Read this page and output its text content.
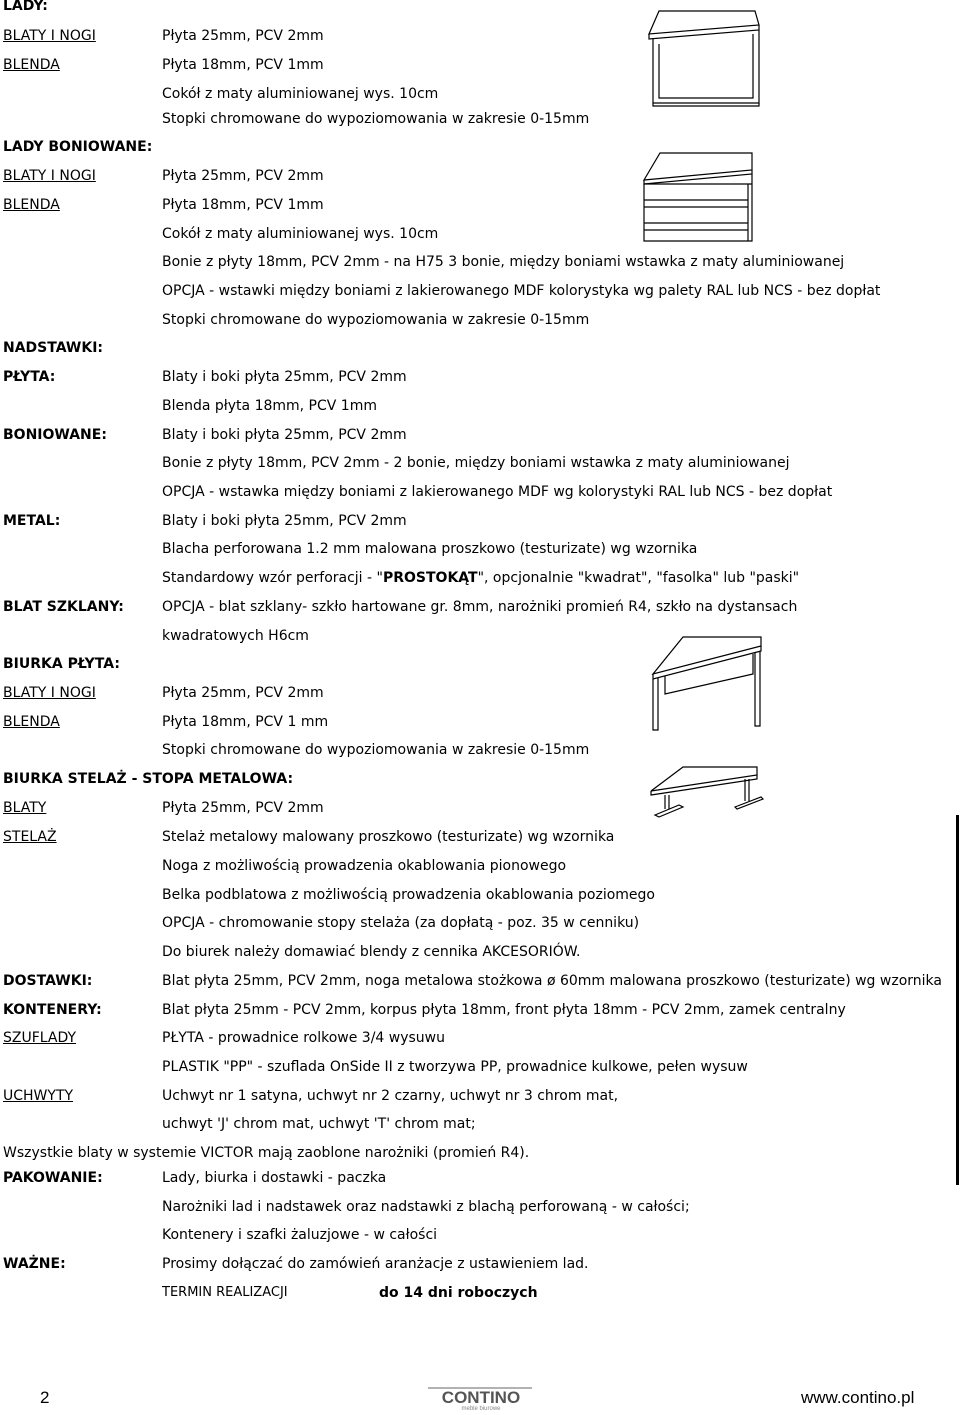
LADY:
BLATY I NOGI	Płyta 25mm, PCV 2mm
BLENDA	Płyta 18mm, PCV 1mm
Cokół z maty aluminiowanej wys. 10cm
Stopki chromowane do wypoziomowania w zakresie 0-15mm
LADY BONIOWANE:
BLATY I NOGI	Płyta 25mm, PCV 2mm
BLENDA	Płyta 18mm, PCV 1mm
Cokół z maty aluminiowanej wys. 10cm
Bonie z płyty 18mm, PCV 2mm - na H75 3 bonie, między boniami wstawka z maty aluminiowanej
OPCJA - wstawki między boniami z lakierowanego MDF kolorystyka wg palety RAL lub NCS - bez dopłat
Stopki chromowane do wypoziomowania w zakresie 0-15mm
NADSTAWKI:
PŁYTA:	Blaty i boki płyta 25mm, PCV 2mm
Blenda płyta 18mm, PCV 1mm
BONIOWANE:	Blaty i boki płyta 25mm, PCV 2mm
Bonie z płyty 18mm, PCV 2mm - 2 bonie, między boniami wstawka z maty aluminiowanej
OPCJA - wstawka między boniami z lakierowanego MDF wg kolorystyki RAL lub NCS - bez dopłat
METAL:	Blaty i boki płyta 25mm, PCV 2mm
Blacha perforowana 1.2 mm malowana proszkowo (testurizate) wg wzornika
Standardowy wzór perforacji - "PROSTOKĄT", opcjonalnie "kwadrat", "fasolka" lub "paski"
BLAT SZKLANY:	OPCJA - blat szklany- szkło hartowane gr. 8mm, narożniki promień R4, szkło na dystansach
kwadratowych H6cm
BIURKA PŁYTA:
BLATY I NOGI	Płyta 25mm, PCV 2mm
BLENDA	Płyta 18mm, PCV 1 mm
Stopki chromowane do wypoziomowania w zakresie 0-15mm
BIURKA STELAŻ - STOPA METALOWA:
BLATY	Płyta 25mm, PCV 2mm
STELAŻ	Stelaż metalowy malowany proszkowo (testurizate) wg wzornika
Noga z możliwością prowadzenia okablowania pionowego
Belka podblatowa z możliwością prowadzenia okablowania poziomego
OPCJA - chromowanie stopy stelaża (za dopłatą - poz. 35 w cenniku)
Do biurek należy domawiać blendy z cennika AKCESORIÓW.
DOSTAWKI:	Blat płyta 25mm, PCV 2mm, noga metalowa stożkowa ø 60mm malowana proszkowo (testurizate) wg wzornika
KONTENERY:	Blat płyta 25mm - PCV 2mm, korpus płyta 18mm, front płyta 18mm - PCV 2mm, zamek centralny
SZUFLADY	PŁYTA - prowadnice rolkowe 3/4 wysuwu
PLASTIK "PP" - szuflada OnSide II z tworzywa PP, prowadnice kulkowe, pełen wysuw
UCHWYTY	Uchwyt nr 1 satyna, uchwyt nr 2 czarny, uchwyt nr 3 chrom mat,
uchwyt 'J' chrom mat, uchwyt 'T' chrom mat;
Wszystkie blaty w systemie VICTOR mają zaoblone narożniki (promień R4).
PAKOWANIE:	Lady, biurka i dostawki - paczka
Narożniki lad i nadstawek oraz nadstawki z blachą perforowaną - w całości;
Kontenery i szafki żaluzjowe - w całości
WAŻNE:	Prosimy dołączać do zamówień aranżacje z ustawieniem lad.
TERMIN REALIZACJI	do 14 dni roboczych
2	CONTINO
meble biurowe
www.contino.pl
